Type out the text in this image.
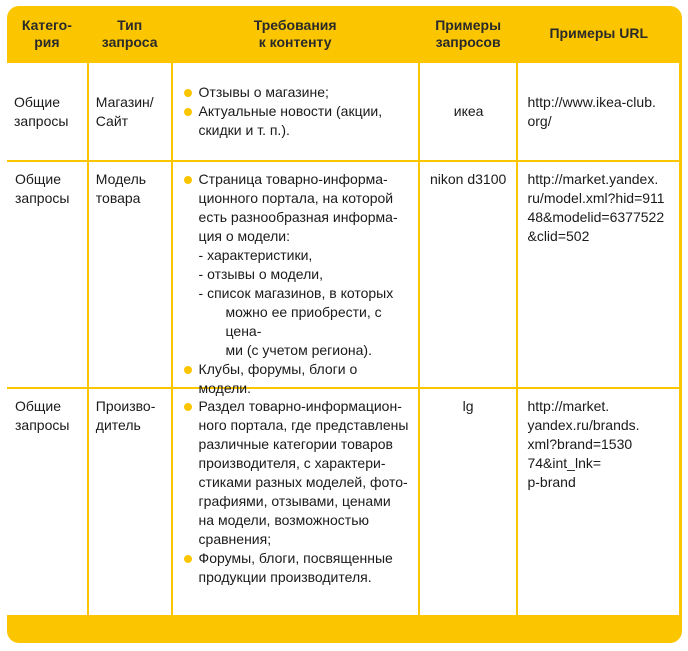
Катего-
рия
Тип
запроса
Требования
к контенту
Примеры
запросов
Примеры URL
Общие
запросы
Магазин/
Сайт
Отзывы о магазине;
Актуальные новости (акции,
скидки и т. п.).
икеа
http://www.ikea-club.
org/
Общие
запросы
Модель
товара
Страница товарно-информа-
ционного портала, на которой
есть разнообразная информа-
ция о модели:
- характеристики,
- отзывы о модели,
- список магазинов, в которых
можно ее приобрести, с цена-
ми (с учетом региона).
Клубы, форумы, блоги о модели.
nikon d3100	http://market.yandex.
ru/model.xml?hid=911
48&modelid=6377522
&clid=502
Общие
запросы
Произво-
дитель
Раздел товарно-информацион-
ного портала, где представлены
различные категории товаров
производителя, с характери-
стиками разных моделей, фото-
графиями, отзывами, ценами
на модели, возможностью
сравнения;
Форумы, блоги, посвященные
продукции производителя.
lg	http://market.
yandex.ru/brands.
xml?brand=1530
74&int_lnk=
p-brand
